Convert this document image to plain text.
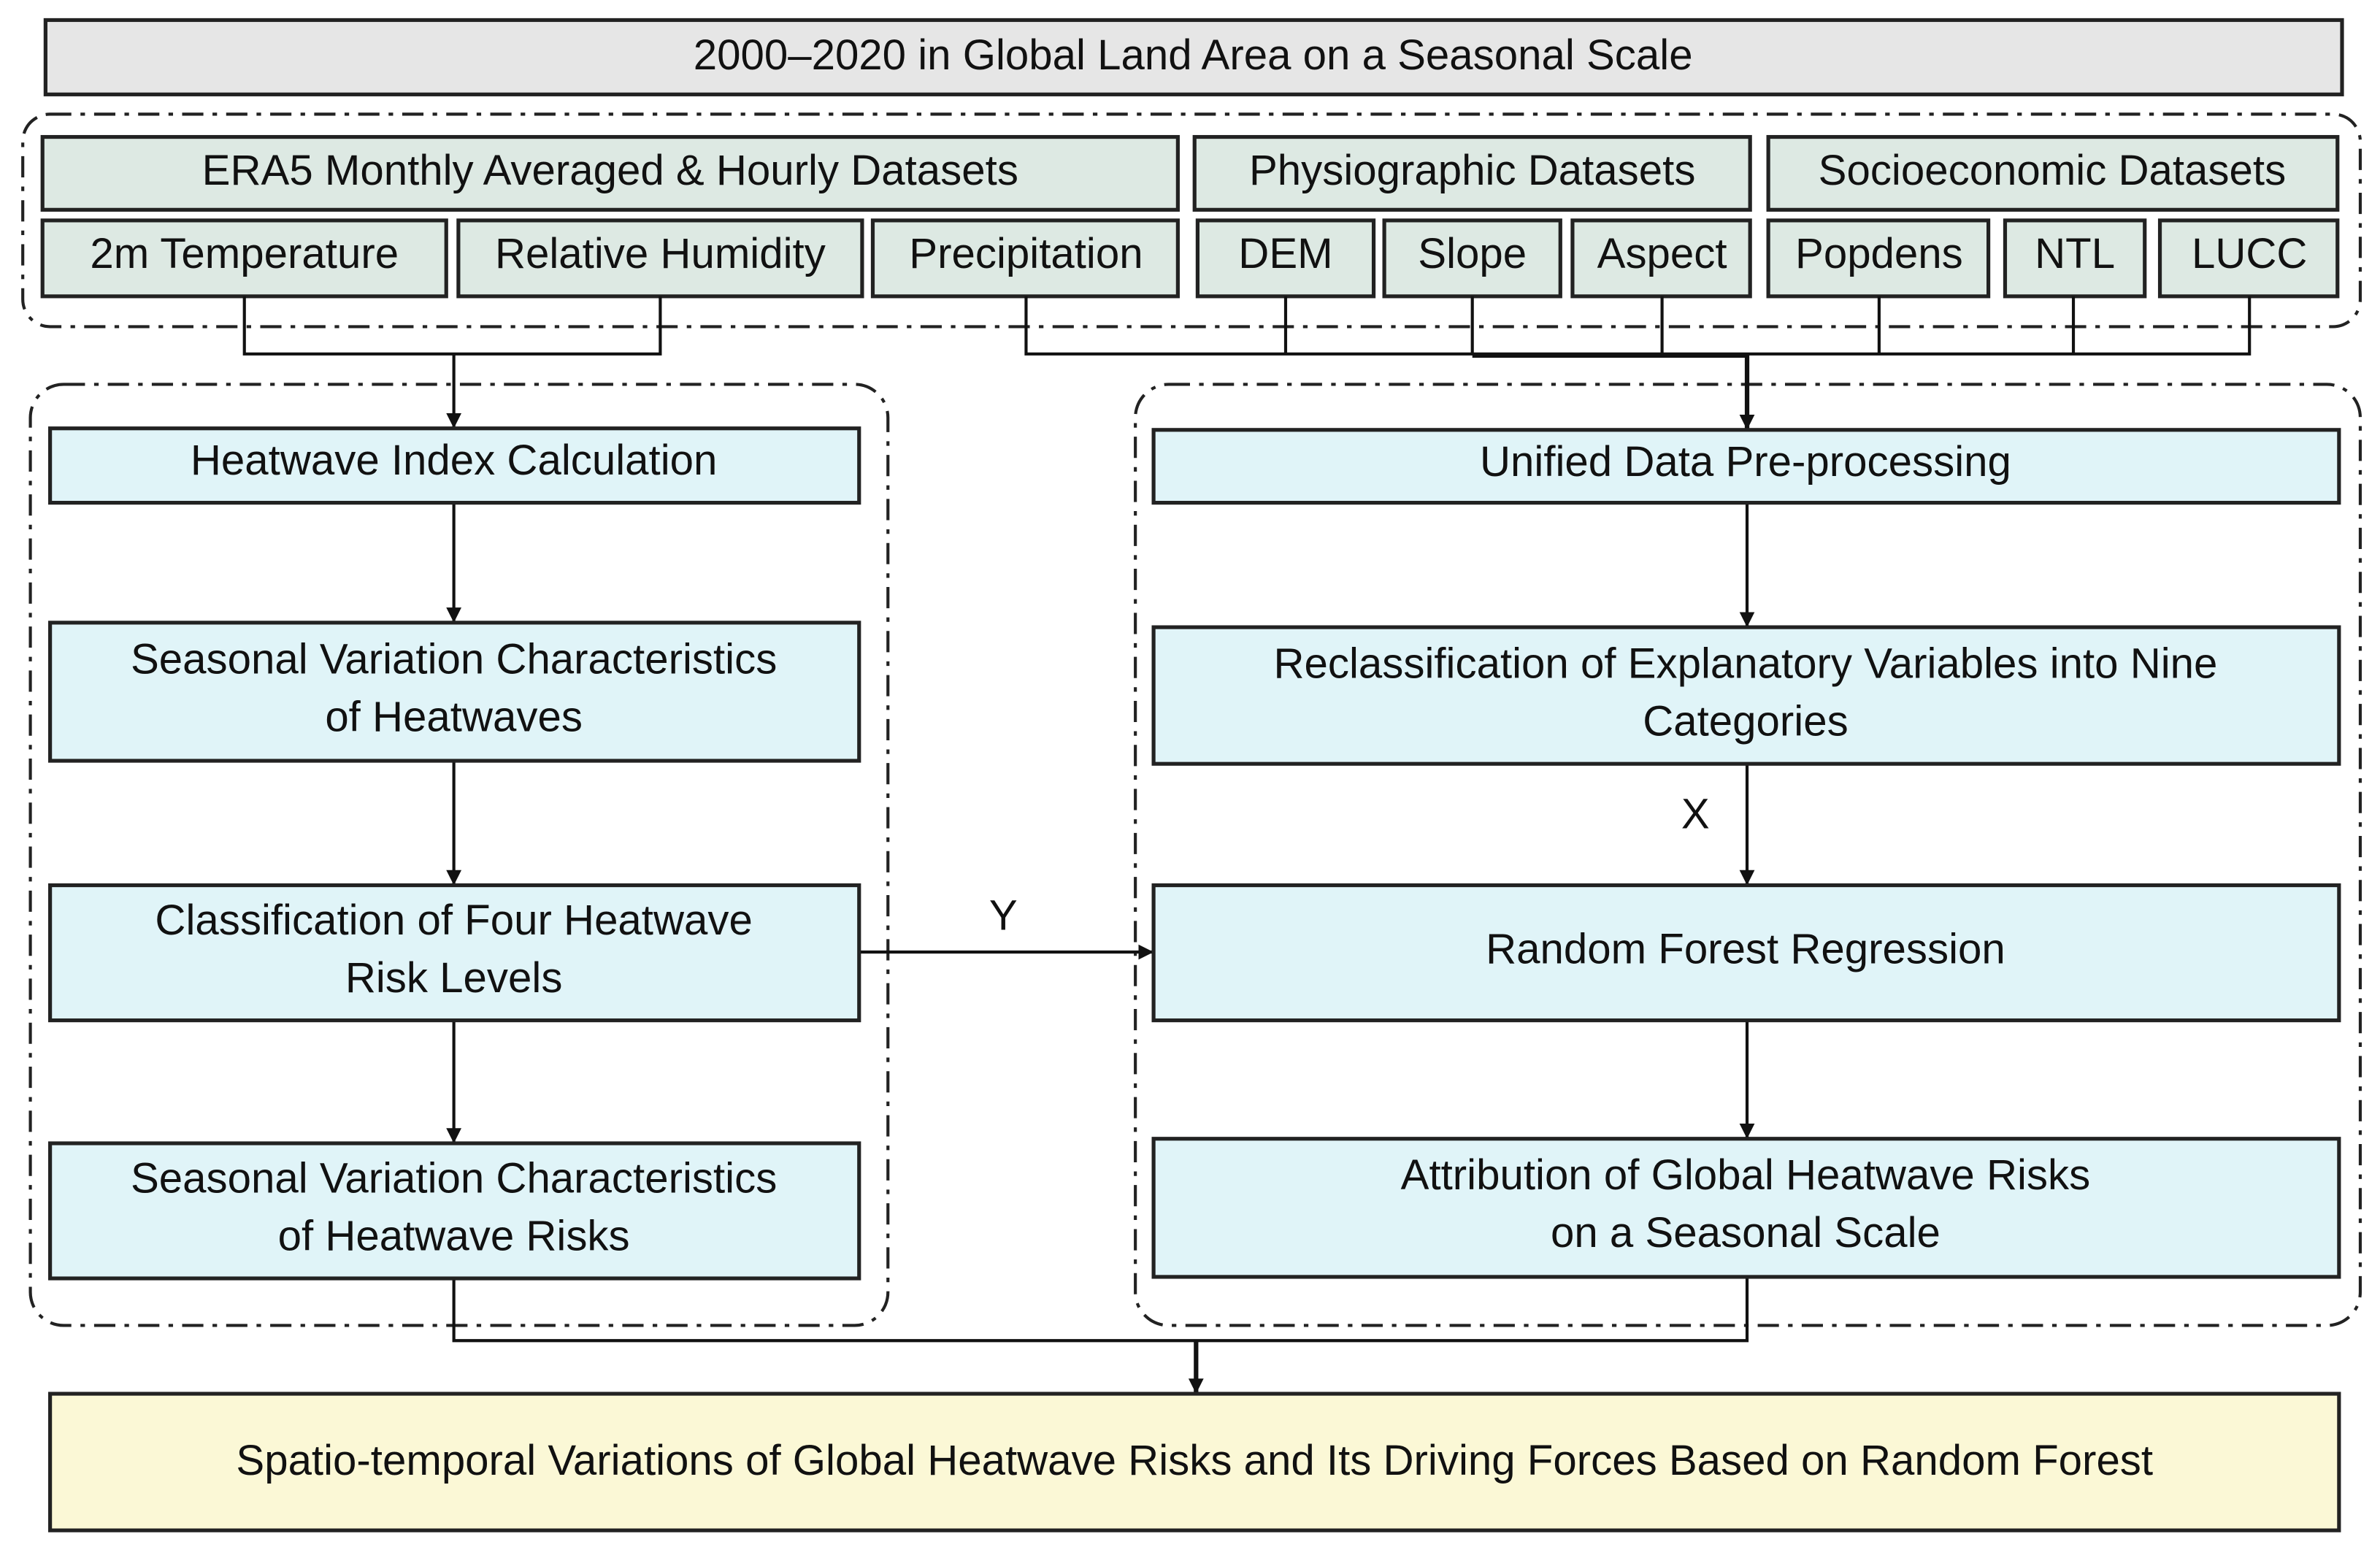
2000–2020 in Global Land Area on a Seasonal Scale
ERA5 Monthly Averaged & Hourly Datasets	Physiographic Datasets	Socioeconomic Datasets
2m Temperature	Relative Humidity	Precipitation	DEM	Slope	Aspect	Popdens	NTL	LUCC
Y
X
Heatwave Index Calculation
Seasonal Variation Characteristics
of Heatwaves
Classification of Four Heatwave
Risk Levels
Seasonal Variation Characteristics
of Heatwave Risks
Unified Data Pre-processing
Reclassification of Explanatory Variables into Nine
Categories
Random Forest Regression
Attribution of Global Heatwave Risks
on a Seasonal Scale
Spatio-temporal Variations of Global Heatwave Risks and Its Driving Forces Based on Random Forest
